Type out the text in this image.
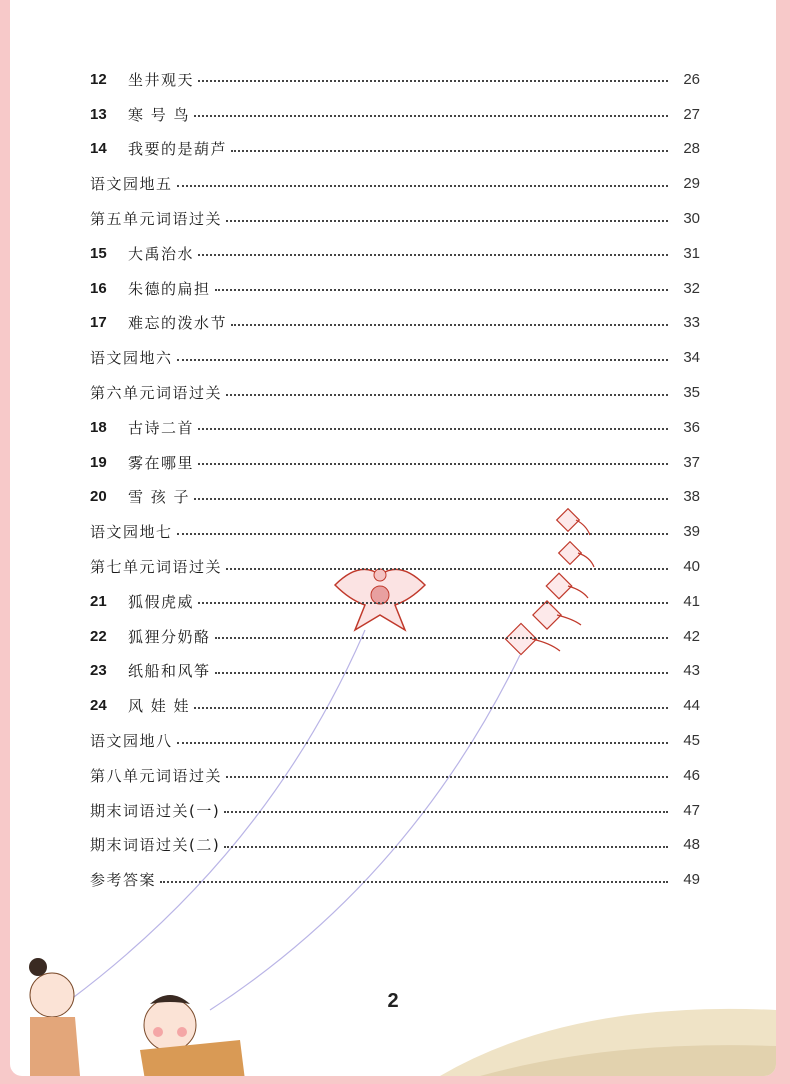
12	坐井观天	26
13	寒 号 鸟	27
14	我要的是葫芦	28
语文园地五	29
第五单元词语过关	30
15	大禹治水	31
16	朱德的扁担	32
17	难忘的泼水节	33
语文园地六	34
第六单元词语过关	35
18	古诗二首	36
19	雾在哪里	37
20	雪 孩 子	38
语文园地七	39
第七单元词语过关	40
21	狐假虎威	41
22	狐狸分奶酪	42
23	纸船和风筝	43
24	风 娃 娃	44
语文园地八	45
第八单元词语过关	46
期末词语过关(一)	47
期末词语过关(二)	48
参考答案	49
2
